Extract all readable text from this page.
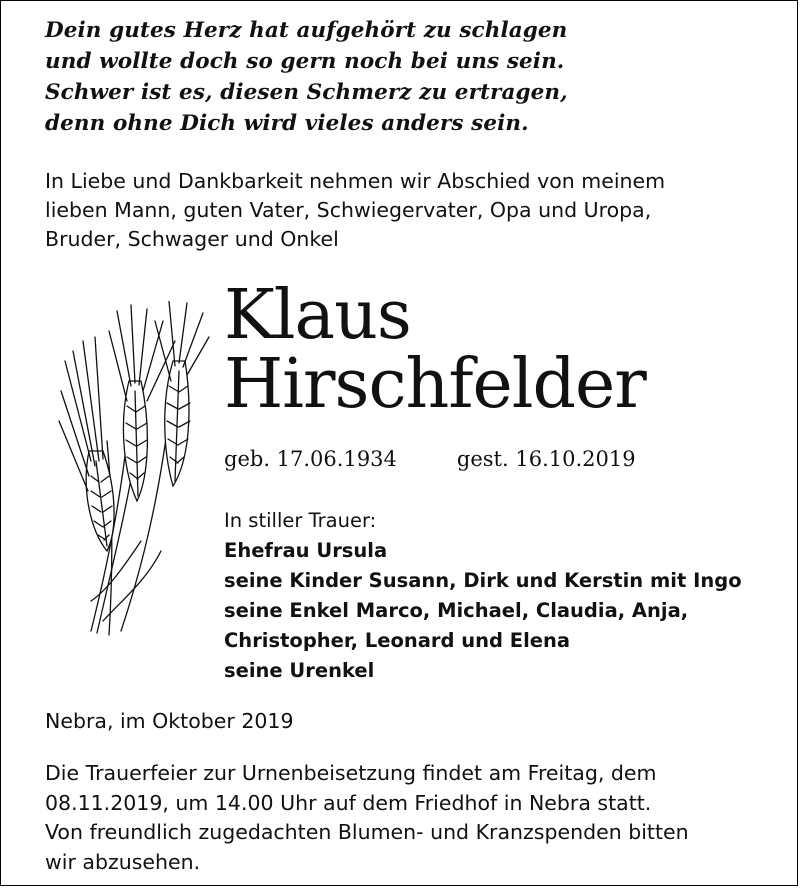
Dein gutes Herz hat aufgehört zu schlagen
und wollte doch so gern noch bei uns sein.
Schwer ist es, diesen Schmerz zu ertragen,
denn ohne Dich wird vieles anders sein.
In Liebe und Dankbarkeit nehmen wir Abschied von meinem
lieben Mann, guten Vater, Schwiegervater, Opa und Uropa,
Bruder, Schwager und Onkel
Klaus
Hirschfelder
geb. 17.06.1934	gest. 16.10.2019
In stiller Trauer:
Ehefrau Ursula
seine Kinder Susann, Dirk und Kerstin mit Ingo
seine Enkel Marco, Michael, Claudia, Anja,
Christopher, Leonard und Elena
seine Urenkel
Nebra, im Oktober 2019
Die Trauerfeier zur Urnenbeisetzung findet am Freitag, dem
08.11.2019, um 14.00 Uhr auf dem Friedhof in Nebra statt.
Von freundlich zugedachten Blumen- und Kranzspenden bitten
wir abzusehen.
